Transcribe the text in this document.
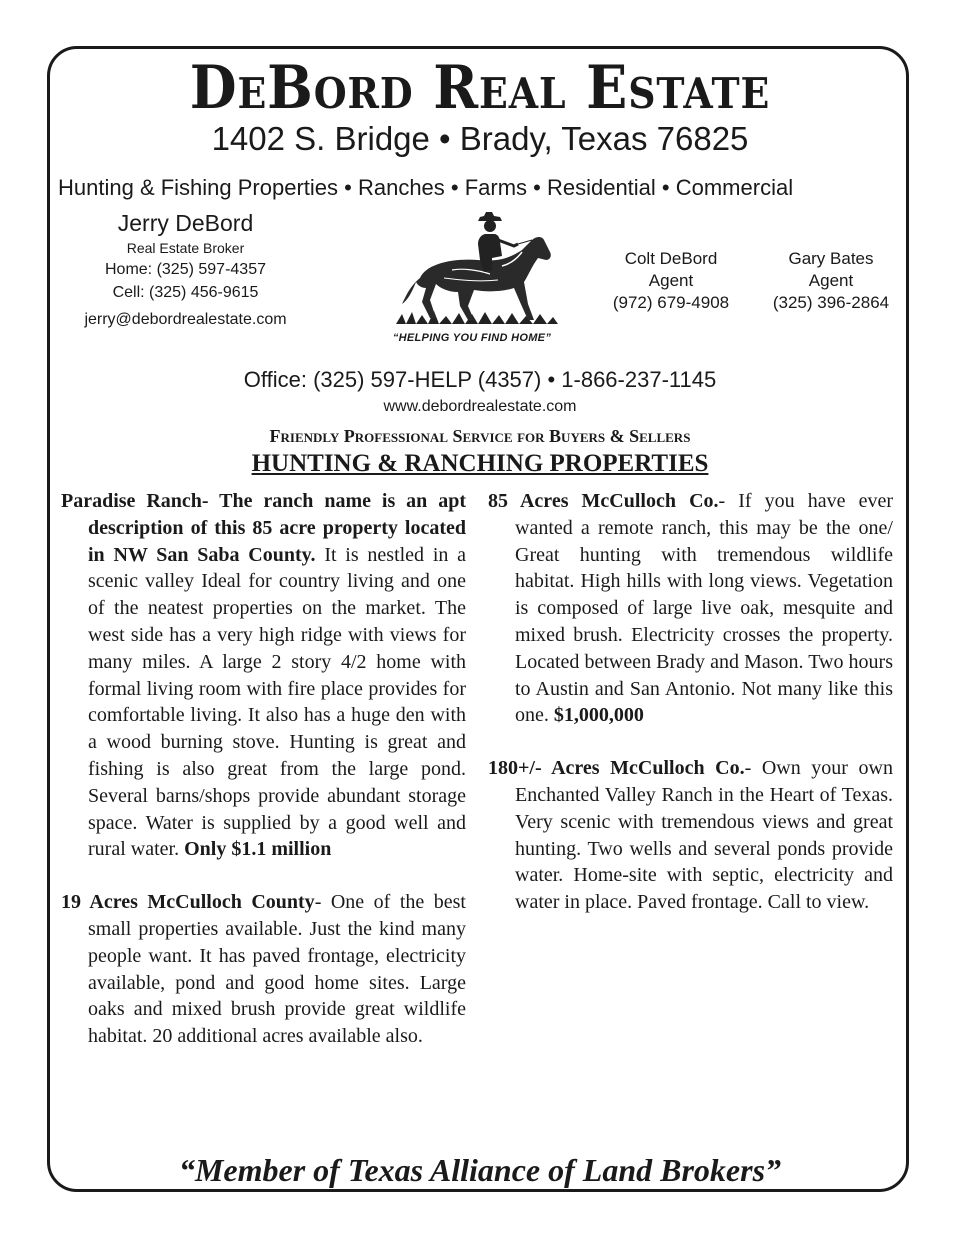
DeBord Real Estate
1402 S. Bridge • Brady, Texas 76825
Hunting & Fishing Properties • Ranches • Farms • Residential • Commercial
Jerry DeBord
Real Estate Broker
Home: (325) 597-4357
Cell: (325) 456-9615
jerry@debordrealestate.com
“HELPING YOU FIND HOME”
Colt DeBord
Agent
(972) 679-4908
Gary Bates
Agent
(325) 396-2864
Office: (325) 597-HELP (4357) • 1-866-237-1145
www.debordrealestate.com
Friendly Professional Service for Buyers & Sellers
HUNTING & RANCHING PROPERTIES

Paradise Ranch- The ranch name is an apt description of this 85 acre property located in NW San Saba County. It is nestled in a scenic valley Ideal for country living and one of the neatest properties on the market. The west side has a very high ridge with views for many miles. A large 2 story 4/2 home with formal living room with fire place provides for comfortable living. It also has a huge den with a wood burning stove. Hunting is great and fishing is also great from the large pond. Several barns/shops provide abundant storage space. Water is supplied by a good well and rural water. Only $1.1 million

19 Acres McCulloch County- One of the best small properties available. Just the kind many people want. It has paved frontage, electricity available, pond and good home sites. Large oaks and mixed brush provide great wildlife habitat. 20 additional acres available also.

85 Acres McCulloch Co.- If you have ever wanted a remote ranch, this may be the one/ Great hunting with tremendous wildlife habitat. High hills with long views. Vegetation is composed of large live oak, mesquite and mixed brush. Electricity crosses the property. Located between Brady and Mason. Two hours to Austin and San Antonio. Not many like this one. $1,000,000

180+/- Acres McCulloch Co.- Own your own Enchanted Valley Ranch in the Heart of Texas. Very scenic with tremendous views and great hunting. Two wells and several ponds provide water. Home-site with septic, electricity and water in place. Paved frontage. Call to view.

“Member of Texas Alliance of Land Brokers”
